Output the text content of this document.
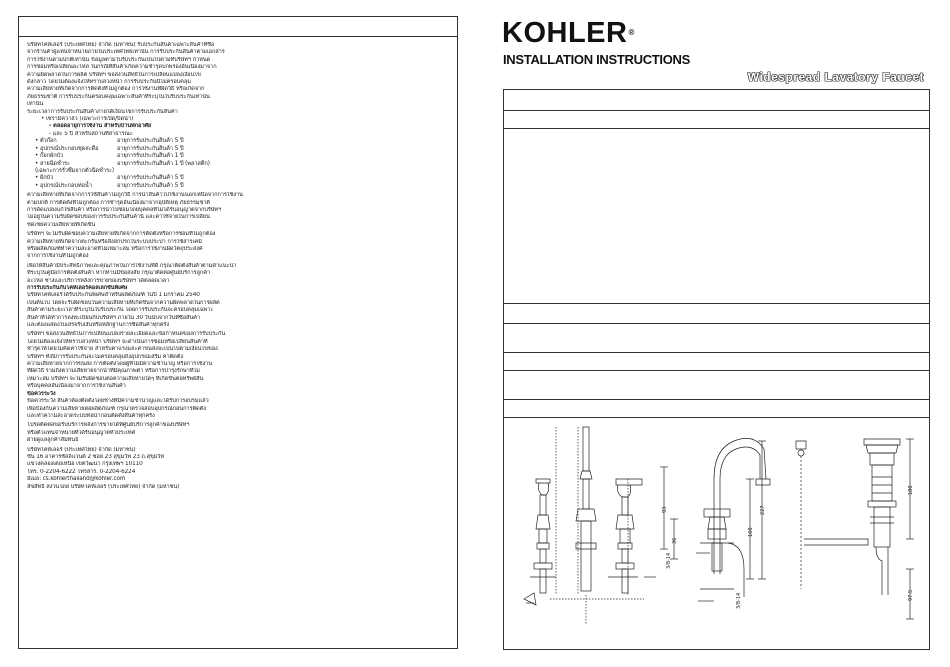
บริษัทโคห์เลอร์ (ประเทศไทย) จำกัด (มหาชน) รับประกันสินค้าเฉพาะสินค้าที่ซื้อ
จากร้านค้าผู้แทนจำหน่ายภายในประเทศไทยเท่านั้น การรับประกันสินค้าตามเอกสาร
การใช้งานตามปกติเท่านั้น ข้อมูลตามใบรับประกันเป็นไปตามที่บริษัทฯ กำหนด
การซ่อมหรือเปลี่ยนอะไหล่ ในกรณีที่สินค้าเกิดความชำรุดบกพร่องอันเนื่องมาจาก
ความผิดพลาดในการผลิต บริษัทฯ ขอสงวนสิทธิ์ในการเปลี่ยนแปลงเงื่อนไข
ดังกล่าว โดยไม่ต้องแจ้งให้ทราบล่วงหน้า การรับประกันนี้ไม่ครอบคลุม
ความเสียหายที่เกิดจากการติดตั้งที่ไม่ถูกต้อง การใช้งานที่ผิดวิธี หรือเกิดจาก
ภัยธรรมชาติ การรับประกันครอบคลุมเฉพาะสินค้าที่ระบุในใบรับประกันเท่านั้น
เท่านั้น
ระยะเวลาการรับประกันสินค้าภายใต้เงื่อนไขการรับประกันสินค้า
• เซรามิควาล์ว (เฉพาะการเปิด/ปิดน้ำ)
- ตลอดอายุการใช้งาน สำหรับบ้านพักอาศัย
- และ 5 ปี สำหรับสถานที่สาธารณะ
• ตัวก๊อก	อายุการรับประกันสินค้า 5 ปี
• อุปกรณ์ประกอบชุดสะดือ	อายุการรับประกันสินค้า 5 ปี
• ก๊อกผักบัว	อายุการรับประกันสินค้า 1 ปี
• สายฉีดชำระ	อายุการรับประกันสินค้า 1 ปี (พลาสติก)
(เฉพาะการรั่วซึมจากตัวฉีดชำระ)
• ฝักบัว	อายุการรับประกันสินค้า 5 ปี
• อุปกรณ์ประกอบท่อน้ำ	อายุการรับประกันสินค้า 5 ปี

ความเสียหายที่เกิดจากการใช้สินค้าไม่ถูกวิธี การนำสินค้าไปใช้งานนอกเหนือจากการใช้งาน
ตามปกติ การติดตั้งที่ไม่ถูกต้อง การชำรุดอันเนื่องมาจากอุบัติเหตุ ภัยธรรมชาติ
การดัดแปลงแก้ไขสินค้า หรือการนำไปซ่อมโดยบุคคลที่ไม่ได้รับอนุญาตจากบริษัทฯ
ไม่อยู่ในความรับผิดชอบของการรับประกันสินค้านี้ และค่าใช้จ่ายในการเปลี่ยน
ชดเชยความเสียหายที่เกิดขึ้น

บริษัทฯ จะไม่รับผิดชอบความเสียหายที่เกิดจากการติดตั้งหรือการซ่อมที่ไม่ถูกต้อง
ความเสียหายที่เกิดจากตะกรันหรือสิ่งสกปรกในระบบประปา การใช้สารเคมี
หรือผลิตภัณฑ์ทำความสะอาดที่ไม่เหมาะสม หรือการใช้งานผิดวัตถุประสงค์
จากการใช้งานที่ไม่ถูกต้อง

เพื่อให้สินค้ามีประสิทธิภาพและคุณภาพในการใช้งานที่ดี กรุณาติดตั้งสินค้าตามคำแนะนำ
ที่ระบุในคู่มือการติดตั้งสินค้า หากท่านมีข้อสงสัย กรุณาติดต่อศูนย์บริการลูกค้า
อะไหล่ ช่างและบริการหลังการขายของบริษัทฯ ได้ตลอดเวลา
การรับประกันกับโคห์เลอร์คอลเลกชันพิเศษ
บริษัทโคห์เลอร์ได้รับประกันพิเศษสำหรับผลิตภัณฑ์ ในปี 1 มกราคม 2540
เป็นต้นไป โดยจะรับผิดชอบในความเสียหายที่เกิดขึ้นจากความผิดพลาดในการผลิต
สินค้าตามระยะเวลาที่ระบุในใบรับประกัน โดยการรับประกันจะครอบคลุมเฉพาะ
สินค้าที่ได้ทำการลงทะเบียนกับบริษัทฯ ภายใน 30 วันนับจากวันที่ซื้อสินค้า
และต้องแสดงใบเสร็จรับเงินหรือหลักฐานการซื้อสินค้าทุกครั้ง

บริษัทฯ ขอสงวนสิทธิ์ในการเปลี่ยนแปลงรายละเอียดและข้อกำหนดของการรับประกัน
โดยไม่ต้องแจ้งให้ทราบล่วงหน้า บริษัทฯ จะดำเนินการซ่อมหรือเปลี่ยนสินค้าที่
ชำรุดให้โดยไม่คิดค่าใช้จ่าย สำหรับค่าแรงและค่าขนส่งจะเป็นไปตามเงื่อนไขของ
บริษัทฯ ทั้งนี้การรับประกันจะไม่ครอบคลุมถึงอุปกรณ์เสริม ค่าติดตั้ง
ความเสียหายจากการขนส่ง การติดตั้งโดยผู้ที่ไม่มีความชำนาญ หรือการใช้งาน
ที่ผิดวิธี รวมถึงความเสียหายจากน้ำที่มีคุณภาพต่ำ หรือการบำรุงรักษาที่ไม่
เหมาะสม บริษัทฯ จะไม่รับผิดชอบต่อความเสียหายใดๆ ที่เกิดขึ้นต่อทรัพย์สิน
หรือบุคคลอันเนื่องมาจากการใช้งานสินค้า
ข้อควรระวัง
ข้อควรระวัง สินค้าต้องติดตั้งโดยช่างที่มีความชำนาญและได้รับการอบรมแล้ว
เพื่อป้องกันความเสียหายต่อผลิตภัณฑ์ กรุณาตรวจสอบอุปกรณ์ก่อนการติดตั้ง
และทำความสะอาดระบบท่อน้ำก่อนติดตั้งสินค้าทุกครั้ง

โปรดติดต่อขอรับบริการหลังการขายได้ที่ศูนย์บริการลูกค้าของบริษัทฯ
หรือตัวแทนจำหน่ายที่ได้รับอนุญาตทั่วประเทศ
ฝ่ายดูแลลูกค้าสัมพันธ์

บริษัทโคห์เลอร์ (ประเทศไทย) จำกัด (มหาชน)
ชั้น 16 อาคารซัลลิแวนต์ 2 ซอย 23 สุขุมวิท 23 ถ.สุขุมวิท
แขวงคลองเตยเหนือ เขตวัฒนา กรุงเทพฯ 10110
โทร. 0-2204-6222 โทรสาร. 0-2204-6224
อีเมล: cs.kohlerthailand@kohler.com
ลิขสิทธิ์ สงวนโดย บริษัทโคห์เลอร์ (ประเทศไทย) จำกัด (มหาชน)
KOHLER®
INSTALLATION INSTRUCTIONS
Widespread Lavatory Faucet
93
36
160
227
180
97.5
3/8-14
3/8-14
